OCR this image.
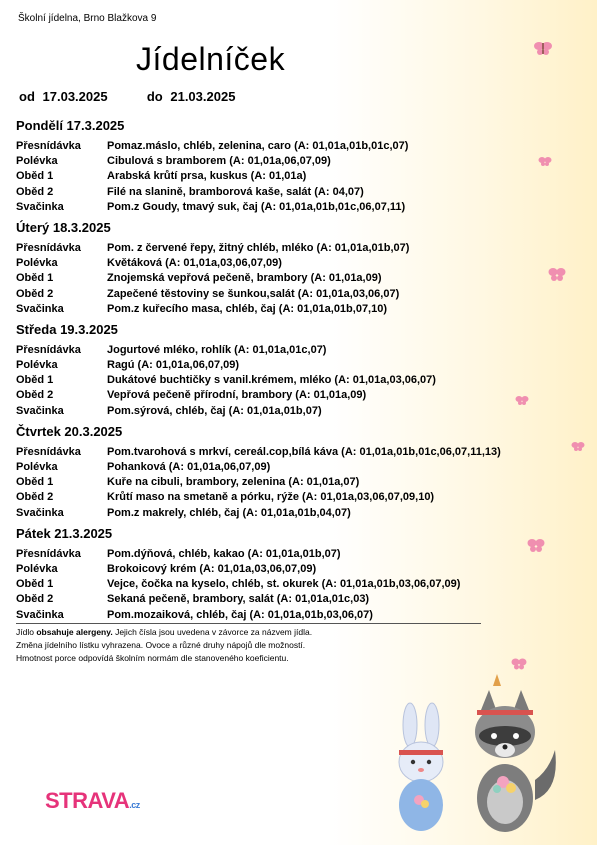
Školní jídelna, Brno Blažkova 9
Jídelníček
od 17.03.2025	do 21.03.2025
Pondělí 17.3.2025
Přesnídávka	Pomaz.máslo, chléb, zelenina, caro (A: 01,01a,01b,01c,07)
Polévka	Cibulová s bramborem (A: 01,01a,06,07,09)
Oběd 1	Arabská krůtí prsa, kuskus (A: 01,01a)
Oběd 2	Filé na slanině, bramborová kaše, salát (A: 04,07)
Svačinka	Pom.z Goudy, tmavý suk, čaj (A: 01,01a,01b,01c,06,07,11)
Úterý 18.3.2025
Přesnídávka	Pom. z červené řepy, žitný chléb, mléko (A: 01,01a,01b,07)
Polévka	Květáková (A: 01,01a,03,06,07,09)
Oběd 1	Znojemská vepřová pečeně, brambory (A: 01,01a,09)
Oběd 2	Zapečené těstoviny se šunkou,salát (A: 01,01a,03,06,07)
Svačinka	Pom.z kuřecího masa, chléb, čaj (A: 01,01a,01b,07,10)
Středa 19.3.2025
Přesnídávka	Jogurtové mléko, rohlík (A: 01,01a,01c,07)
Polévka	Ragú (A: 01,01a,06,07,09)
Oběd 1	Dukátové buchtičky s vanil.krémem, mléko (A: 01,01a,03,06,07)
Oběd 2	Vepřová pečeně přírodní, brambory (A: 01,01a,09)
Svačinka	Pom.sýrová, chléb, čaj (A: 01,01a,01b,07)
Čtvrtek 20.3.2025
Přesnídávka	Pom.tvarohová s mrkví, cereál.cop,bílá káva (A: 01,01a,01b,01c,06,07,11,13)
Polévka	Pohanková (A: 01,01a,06,07,09)
Oběd 1	Kuře na cibuli, brambory, zelenina (A: 01,01a,07)
Oběd 2	Krůtí maso na smetaně a pórku, rýže (A: 01,01a,03,06,07,09,10)
Svačinka	Pom.z makrely, chléb, čaj (A: 01,01a,01b,04,07)
Pátek 21.3.2025
Přesnídávka	Pom.dýňová, chléb, kakao (A: 01,01a,01b,07)
Polévka	Brokoicový krém (A: 01,01a,03,06,07,09)
Oběd 1	Vejce, čočka na kyselo, chléb, st. okurek (A: 01,01a,01b,03,06,07,09)
Oběd 2	Sekaná pečeně, brambory, salát (A: 01,01a,01c,03)
Svačinka	Pom.mozaiková, chléb, čaj (A: 01,01a,01b,03,06,07)
Jídlo obsahuje alergeny. Jejich čísla jsou uvedena v závorce za názvem jídla.
Změna jídelního lístku vyhrazena. Ovoce a různé druhy nápojů dle možností.
Hmotnost porce odpovídá školním normám dle stanoveného koeficientu.
STRAVA.cz
